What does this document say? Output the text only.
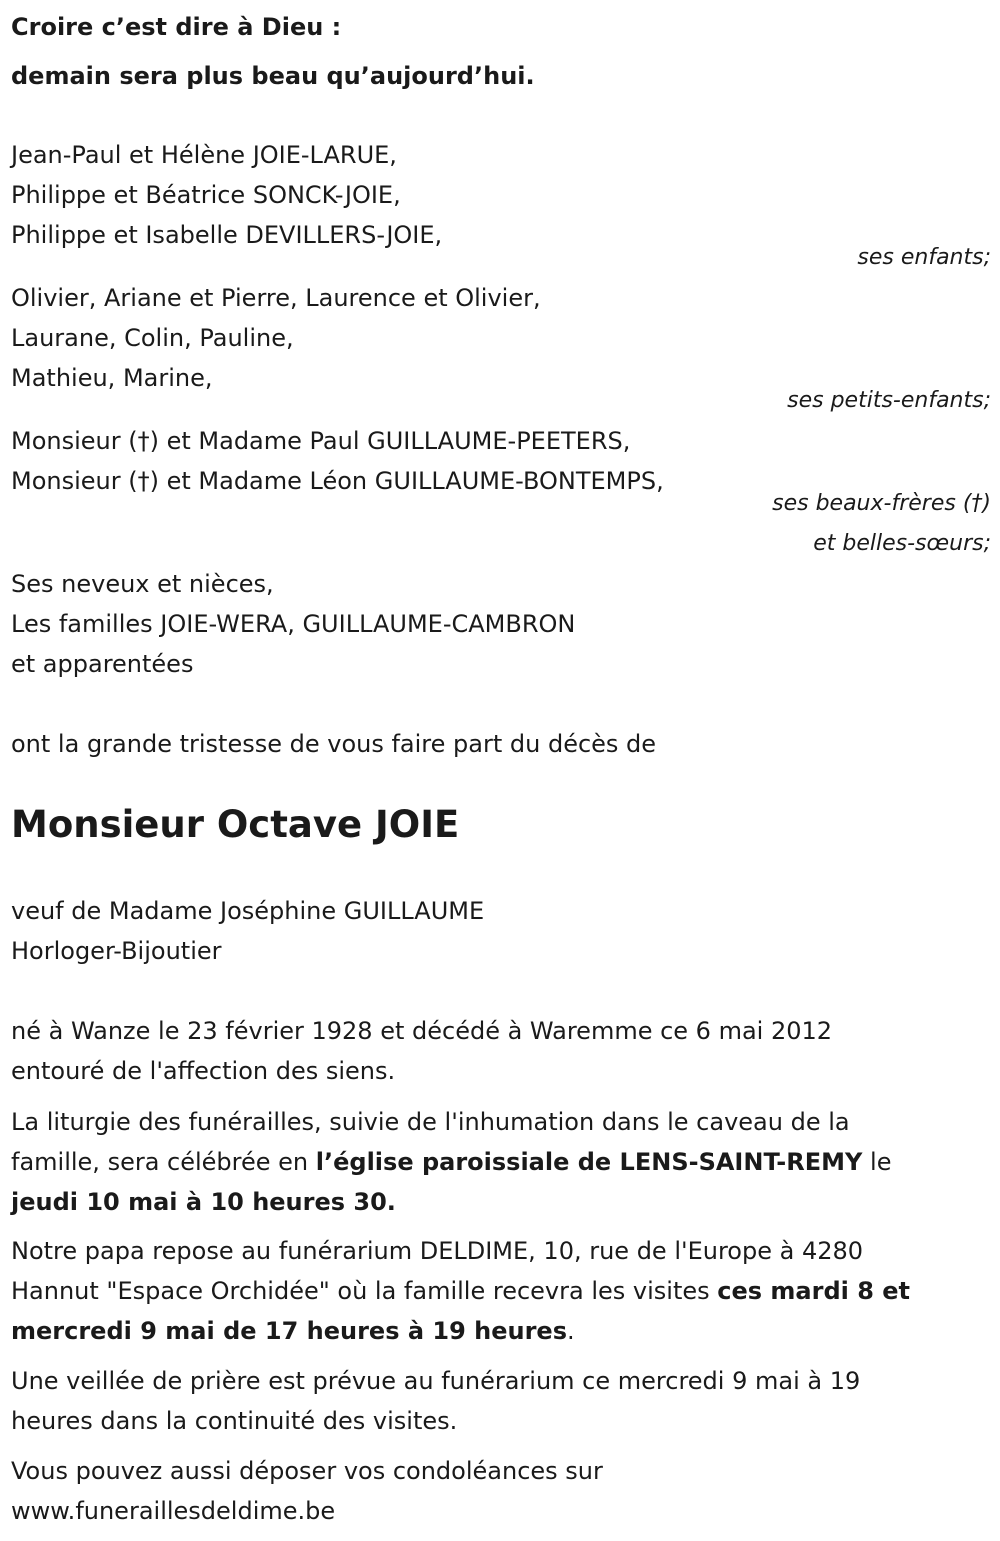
Croire c’est dire à Dieu :
demain sera plus beau qu’aujourd’hui.
Jean-Paul et Hélène JOIE-LARUE,
Philippe et Béatrice SONCK-JOIE,
Philippe et Isabelle DEVILLERS-JOIE,
ses enfants;
Olivier, Ariane et Pierre, Laurence et Olivier,
Laurane, Colin, Pauline,
Mathieu, Marine,
ses petits-enfants;
Monsieur (†) et Madame Paul GUILLAUME-PEETERS,
Monsieur (†) et Madame Léon GUILLAUME-BONTEMPS,
ses beaux-frères (†)
et belles-sœurs;
Ses neveux et nièces,
Les familles JOIE-WERA, GUILLAUME-CAMBRON
et apparentées
ont la grande tristesse de vous faire part du décès de
Monsieur Octave JOIE
veuf de Madame Joséphine GUILLAUME
Horloger-Bijoutier
né à Wanze le 23 février 1928 et décédé à Waremme ce 6 mai 2012
entouré de l'affection des siens.
La liturgie des funérailles, suivie de l'inhumation dans le caveau de la
famille, sera célébrée en l’église paroissiale de LENS-SAINT-REMY le
jeudi 10 mai à 10 heures 30.
Notre papa repose au funérarium DELDIME, 10, rue de l'Europe à 4280
Hannut "Espace Orchidée" où la famille recevra les visites ces mardi 8 et
mercredi 9 mai de 17 heures à 19 heures.
Une veillée de prière est prévue au funérarium ce mercredi 9 mai à 19
heures dans la continuité des visites.
Vous pouvez aussi déposer vos condoléances sur
www.funeraillesdeldime.be
